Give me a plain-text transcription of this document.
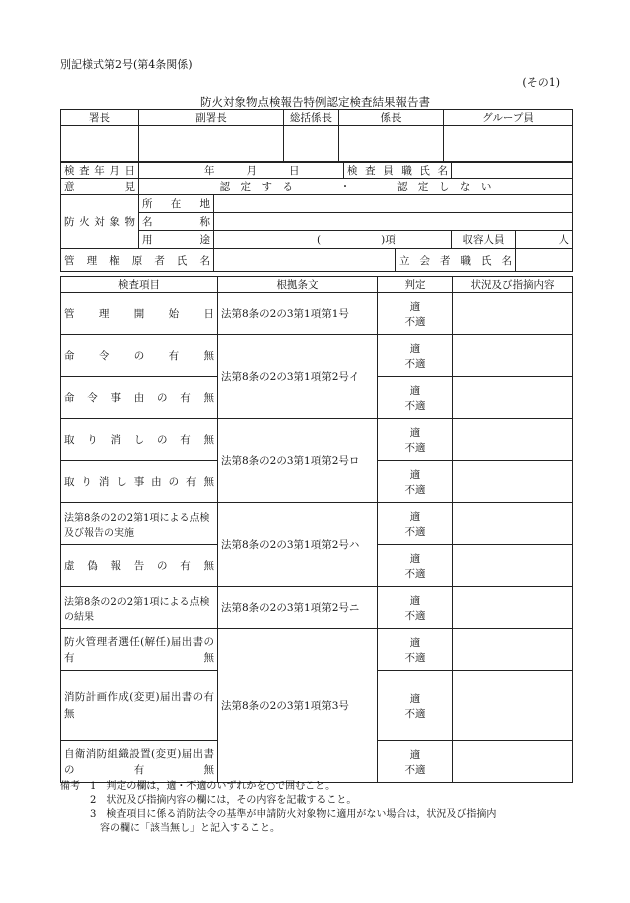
別記様式第2号(第4条関係)
(その1)
防火対象物点検報告特例認定検査結果報告書
署長	副署長	総括係長	係長	グループ員

検査年月日	年 月 日		検査員職氏名			
意　見	認　定　す　る ・ 認　定　し　な　い					
防火対象物	所　在　地					
	名　　称					
	用　　途	( )項			収容人員	人
管理権原者氏名				立会者職氏名		
検査項目	根拠条文	判定	状況及び指摘内容
管　理　開　始　日	法第8条の2の3第1項第1号	適
不適	

命　令　の　有　無	法第8条の2の3第1項第2号イ	適
不適	

命令事由の有無		適
不適	

取り消しの有無	法第8条の2の3第1項第2号ロ	適
不適	

取り消し事由の有無		適
不適	

法第8条の2の2第1項による点検及び報告の実施	法第8条の2の3第1項第2号ハ	適
不適	

虚　偽　報　告　の　有　無		適
不適	

法第8条の2の2第1項による点検の結果	法第8条の2の3第1項第2号ニ	適
不適	

防火管理者選任(解任)届出書の有無	法第8条の2の3第1項第3号	適
不適	

消防計画作成(変更)届出書の有無		適
不適	

自衛消防組織設置(変更)届出書の有無		適
不適	

備考　1　判定の欄は，適・不適のいずれかを○で囲むこと。
　　　2　状況及び指摘内容の欄には，その内容を記載すること。
　　　3　検査項目に係る消防法令の基準が申請防火対象物に適用がない場合は，状況及び指摘内
　　　　容の欄に「該当無し」と記入すること。
